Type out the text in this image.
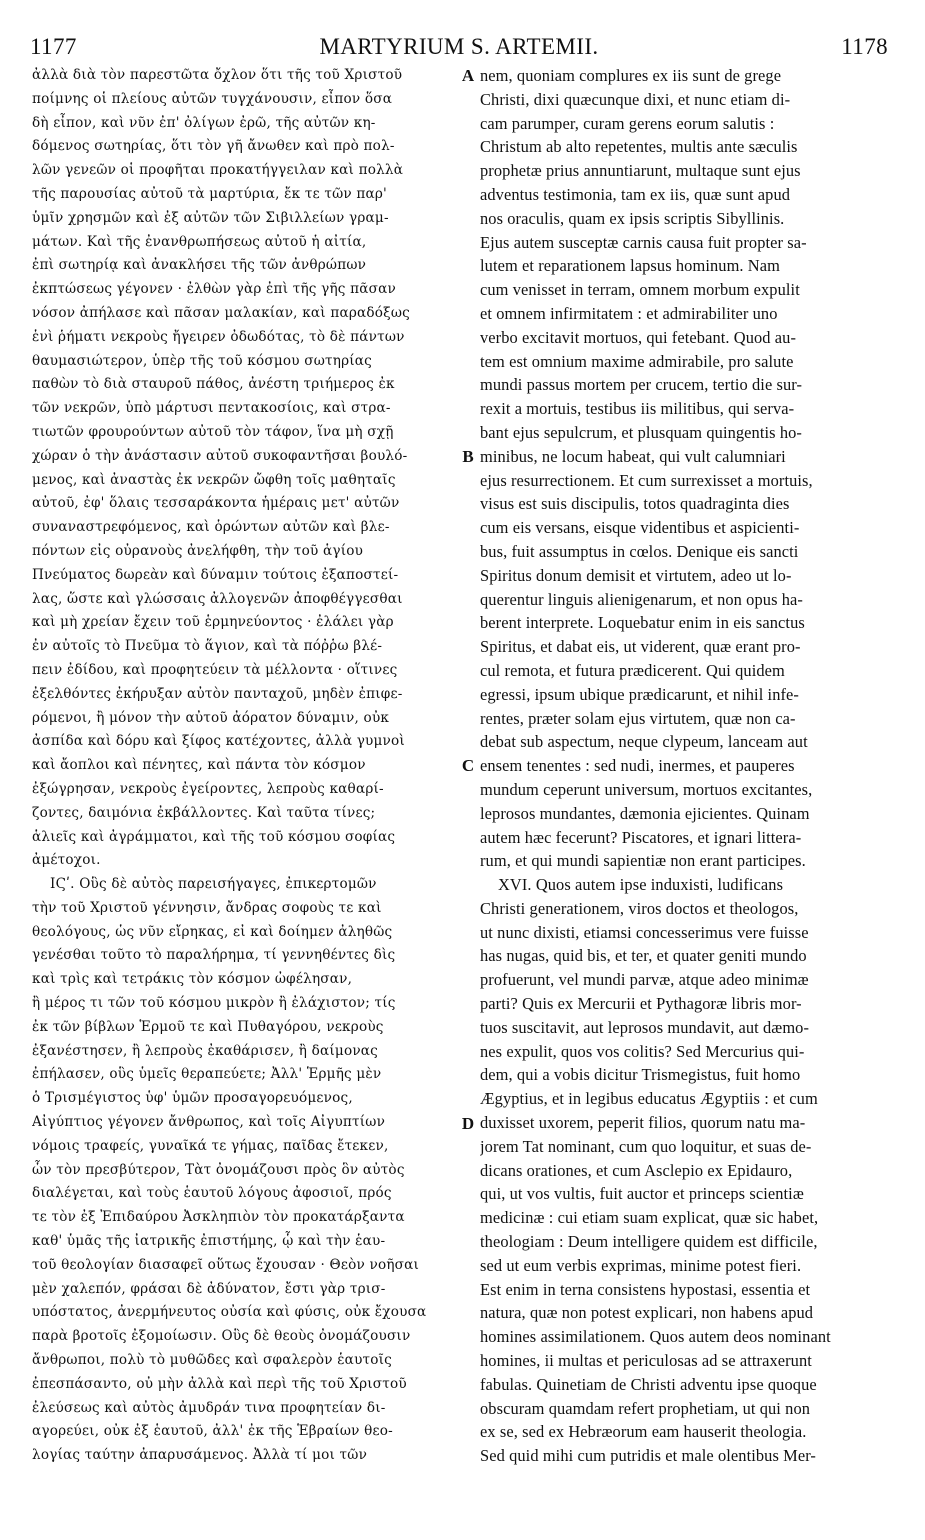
1177	MARTYRIUM S. ARTEMII.	1178
ἀλλὰ διὰ τὸν παρεστῶτα ὄχλον ὅτι τῆς τοῦ Χριστοῦ
ποίμνης οἱ πλείους αὐτῶν τυγχάνουσιν, εἶπον ὅσα
δὴ εἶπον, καὶ νῦν ἐπ' ὀλίγων ἐρῶ, τῆς αὐτῶν κη-
δόμενος σωτηρίας, ὅτι τὸν γῆ ἄνωθεν καὶ πρὸ πολ-
λῶν γενεῶν οἱ προφῆται προκατήγγειλαν καὶ πολλὰ
τῆς παρουσίας αὐτοῦ τὰ μαρτύρια, ἔκ τε τῶν παρ'
ὑμῖν χρησμῶν καὶ ἐξ αὐτῶν τῶν Σιβιλλείων γραμ-
μάτων. Καὶ τῆς ἐνανθρωπήσεως αὐτοῦ ἡ αἰτία,
ἐπὶ σωτηρίᾳ καὶ ἀνακλήσει τῆς τῶν ἀνθρώπων
ἐκπτώσεως γέγονεν · ἐλθὼν γὰρ ἐπὶ τῆς γῆς πᾶσαν
νόσον ἀπήλασε καὶ πᾶσαν μαλακίαν, καὶ παραδόξως
ἑνὶ ῥήματι νεκροὺς ἤγειρεν ὀδωδότας, τὸ δὲ πάντων
θαυμασιώτερον, ὑπὲρ τῆς τοῦ κόσμου σωτηρίας
παθὼν τὸ διὰ σταυροῦ πάθος, ἀνέστη τριήμερος ἐκ
τῶν νεκρῶν, ὑπὸ μάρτυσι πεντακοσίοις, καὶ στρα-
τιωτῶν φρουρούντων αὐτοῦ τὸν τάφον, ἵνα μὴ σχῇ
χώραν ὁ τὴν ἀνάστασιν αὐτοῦ συκοφαντῆσαι βουλό-
μενος, καὶ ἀναστὰς ἐκ νεκρῶν ὤφθη τοῖς μαθηταῖς
αὐτοῦ, ἐφ' ὅλαις τεσσαράκοντα ἡμέραις μετ' αὐτῶν
συναναστρεφόμενος, καὶ ὁρώντων αὐτῶν καὶ βλε-
πόντων εἰς οὐρανοὺς ἀνελήφθη, τὴν τοῦ ἁγίου
Πνεύματος δωρεὰν καὶ δύναμιν τούτοις ἐξαποστεί-
λας, ὥστε καὶ γλώσσαις ἀλλογενῶν ἀποφθέγγεσθαι
καὶ μὴ χρείαν ἔχειν τοῦ ἑρμηνεύοντος · ἐλάλει γὰρ
ἐν αὐτοῖς τὸ Πνεῦμα τὸ ἅγιον, καὶ τὰ πόῤῥω βλέ-
πειν ἐδίδου, καὶ προφητεύειν τὰ μέλλοντα · οἵτινες
ἐξελθόντες ἐκήρυξαν αὐτὸν πανταχοῦ, μηδὲν ἐπιφε-
ρόμενοι, ἢ μόνον τὴν αὐτοῦ ἀόρατον δύναμιν, οὐκ
ἀσπίδα καὶ δόρυ καὶ ξίφος κατέχοντες, ἀλλὰ γυμνοὶ
καὶ ἄοπλοι καὶ πένητες, καὶ πάντα τὸν κόσμον
ἐξώγρησαν, νεκροὺς ἐγείροντες, λεπροὺς καθαρί-
ζοντες, δαιμόνια ἐκβάλλοντες. Καὶ ταῦτα τίνες;
ἁλιεῖς καὶ ἀγράμματοι, καὶ τῆς τοῦ κόσμου σοφίας
ἀμέτοχοι.
ΙϚʹ. Οὓς δὲ αὐτὸς παρεισήγαγες, ἐπικερτομῶν
τὴν τοῦ Χριστοῦ γέννησιν, ἄνδρας σοφοὺς τε καὶ
θεολόγους, ὡς νῦν εἴρηκας, εἰ καὶ δοίημεν ἀληθῶς
γενέσθαι τοῦτο τὸ παραλήρημα, τί γεννηθέντες δὶς
καὶ τρὶς καὶ τετράκις τὸν κόσμον ὠφέλησαν,
ἢ μέρος τι τῶν τοῦ κόσμου μικρὸν ἢ ἐλάχιστον; τίς
ἐκ τῶν βίβλων Ἑρμοῦ τε καὶ Πυθαγόρου, νεκροὺς
ἐξανέστησεν, ἢ λεπροὺς ἐκαθάρισεν, ἢ δαίμονας
ἐπήλασεν, οὓς ὑμεῖς θεραπεύετε; Ἀλλ' Ἑρμῆς μὲν
ὁ Τρισμέγιστος ὑφ' ὑμῶν προσαγορευόμενος,
Αἰγύπτιος γέγονεν ἄνθρωπος, καὶ τοῖς Αἰγυπτίων
νόμοις τραφείς, γυναῖκά τε γήμας, παῖδας ἔτεκεν,
ὧν τὸν πρεσβύτερον, Τὰτ ὀνομάζουσι πρὸς ὃν αὐτὸς
διαλέγεται, καὶ τοὺς ἑαυτοῦ λόγους ἀφοσιοῖ, πρός
τε τὸν ἐξ Ἐπιδαύρου Ἀσκληπιὸν τὸν προκατάρξαντα
καθ' ὑμᾶς τῆς ἰατρικῆς ἐπιστήμης, ᾧ καὶ τὴν ἑαυ-
τοῦ θεολογίαν διασαφεῖ οὕτως ἔχουσαν · Θεὸν νοῆσαι
μὲν χαλεπόν, φράσαι δὲ ἀδύνατον, ἔστι γὰρ τρισ-
υπόστατος, ἀνερμήνευτος οὐσία καὶ φύσις, οὐκ ἔχουσα
παρὰ βροτοῖς ἐξομοίωσιν. Οὓς δὲ θεοὺς ὀνομάζουσιν
ἄνθρωποι, πολὺ τὸ μυθῶδες καὶ σφαλερὸν ἑαυτοῖς
ἐπεσπάσαντο, οὐ μὴν ἀλλὰ καὶ περὶ τῆς τοῦ Χριστοῦ
ἐλεύσεως καὶ αὐτὸς ἀμυδράν τινα προφητείαν δι-
αγορεύει, οὐκ ἐξ ἑαυτοῦ, ἀλλ' ἐκ τῆς Ἑβραίων θεο-
λογίας ταύτην ἀπαρυσάμενος. Ἀλλὰ τί μοι τῶν
nem, quoniam complures ex iis sunt de grege
Christi, dixi quæcunque dixi, et nunc etiam di-
cam parumper, curam gerens eorum salutis :
Christum ab alto repetentes, multis ante sæculis
prophetæ prius annuntiarunt, multaque sunt ejus
adventus testimonia, tam ex iis, quæ sunt apud
nos oraculis, quam ex ipsis scriptis Sibyllinis.
Ejus autem susceptæ carnis causa fuit propter sa-
lutem et reparationem lapsus hominum. Nam
cum venisset in terram, omnem morbum expulit
et omnem infirmitatem : et admirabiliter uno
verbo excitavit mortuos, qui fetebant. Quod au-
tem est omnium maxime admirabile, pro salute
mundi passus mortem per crucem, tertio die sur-
rexit a mortuis, testibus iis militibus, qui serva-
bant ejus sepulcrum, et plusquam quingentis ho-
minibus, ne locum habeat, qui vult calumniari
ejus resurrectionem. Et cum surrexisset a mortuis,
visus est suis discipulis, totos quadraginta dies
cum eis versans, eisque videntibus et aspicienti-
bus, fuit assumptus in cœlos. Denique eis sancti
Spiritus donum demisit et virtutem, adeo ut lo-
querentur linguis alienigenarum, et non opus ha-
berent interprete. Loquebatur enim in eis sanctus
Spiritus, et dabat eis, ut viderent, quæ erant pro-
cul remota, et futura prædicerent. Qui quidem
egressi, ipsum ubique prædicarunt, et nihil infe-
rentes, præter solam ejus virtutem, quæ non ca-
debat sub aspectum, neque clypeum, lanceam aut
ensem tenentes : sed nudi, inermes, et pauperes
mundum ceperunt universum, mortuos excitantes,
leprosos mundantes, dæmonia ejicientes. Quinam
autem hæc fecerunt? Piscatores, et ignari littera-
rum, et qui mundi sapientiæ non erant participes.
XVI. Quos autem ipse induxisti, ludificans
Christi generationem, viros doctos et theologos,
ut nunc dixisti, etiamsi concesserimus vere fuisse
has nugas, quid bis, et ter, et quater geniti mundo
profuerunt, vel mundi parvæ, atque adeo minimæ
parti? Quis ex Mercurii et Pythagoræ libris mor-
tuos suscitavit, aut leprosos mundavit, aut dæmo-
nes expulit, quos vos colitis? Sed Mercurius qui-
dem, qui a vobis dicitur Trismegistus, fuit homo
Ægyptius, et in legibus educatus Ægyptiis : et cum
duxisset uxorem, peperit filios, quorum natu ma-
jorem Tat nominant, cum quo loquitur, et suas de-
dicans orationes, et cum Asclepio ex Epidauro,
qui, ut vos vultis, fuit auctor et princeps scientiæ
medicinæ : cui etiam suam explicat, quæ sic habet,
theologiam : Deum intelligere quidem est difficile,
sed ut eum verbis exprimas, minime potest fieri.
Est enim in terna consistens hypostasi, essentia et
natura, quæ non potest explicari, non habens apud
homines assimilationem. Quos autem deos nominant
homines, ii multas et periculosas ad se attraxerunt
fabulas. Quinetiam de Christi adventu ipse quoque
obscuram quamdam refert prophetiam, ut qui non
ex se, sed ex Hebræorum eam hauserit theologia.
Sed quid mihi cum putridis et male olentibus Mer-
A
B
C
D
